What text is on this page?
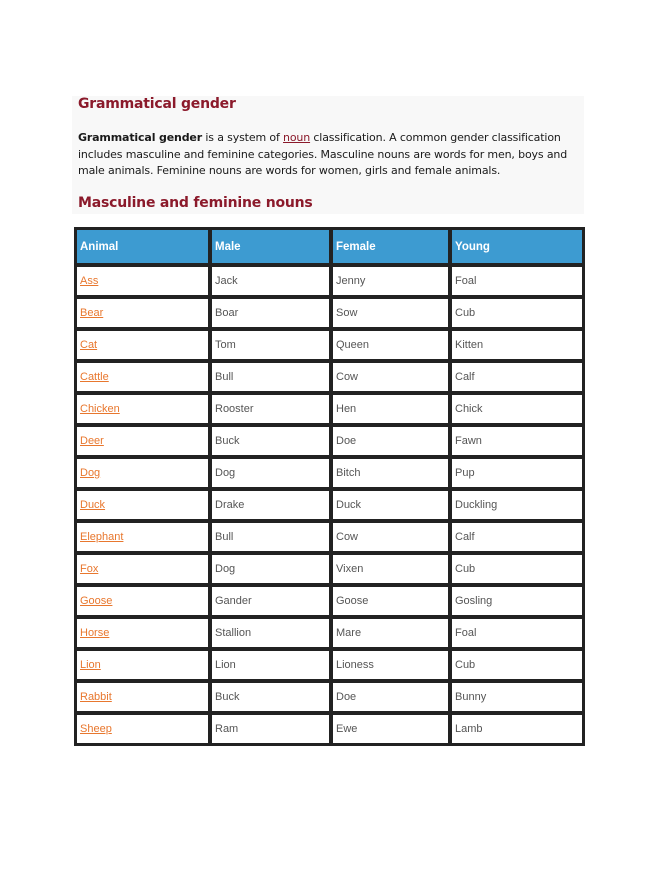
Grammatical gender

Grammatical gender is a system of noun classification. A common gender classification includes masculine and feminine categories. Masculine nouns are words for men, boys and male animals. Feminine nouns are words for women, girls and female animals.

Masculine and feminine nouns
Animal	Male	Female	Young
Ass	Jack	Jenny	Foal
Bear	Boar	Sow	Cub
Cat	Tom	Queen	Kitten
Cattle	Bull	Cow	Calf
Chicken	Rooster	Hen	Chick
Deer	Buck	Doe	Fawn
Dog	Dog	Bitch	Pup
Duck	Drake	Duck	Duckling
Elephant	Bull	Cow	Calf
Fox	Dog	Vixen	Cub
Goose	Gander	Goose	Gosling
Horse	Stallion	Mare	Foal
Lion	Lion	Lioness	Cub
Rabbit	Buck	Doe	Bunny
Sheep	Ram	Ewe	Lamb
